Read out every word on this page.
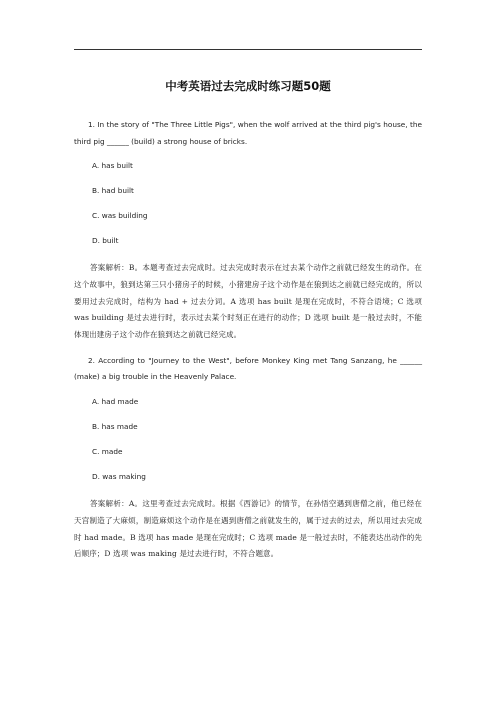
中考英语过去完成时练习题50题

1. In the story of "The Three Little Pigs", when the wolf arrived at the third pig's house, the third pig ______ (build) a strong house of bricks.

A. has built
B. had built
C. was building
D. built

答案解析：B。本题考查过去完成时。过去完成时表示在过去某个动作之前就已经发生的动作。在这个故事中，狼到达第三只小猪房子的时候，小猪建房子这个动作是在狼到达之前就已经完成的，所以要用过去完成时，结构为 had + 过去分词。A 选项 has built 是现在完成时，不符合语境；C 选项 was building 是过去进行时，表示过去某个时刻正在进行的动作；D 选项 built 是一般过去时，不能体现出建房子这个动作在狼到达之前就已经完成。

2. According to "Journey to the West", before Monkey King met Tang Sanzang, he ______ (make) a big trouble in the Heavenly Palace.

A. had made
B. has made
C. made
D. was making

答案解析：A。这里考查过去完成时。根据《西游记》的情节，在孙悟空遇到唐僧之前，他已经在天宫制造了大麻烦，制造麻烦这个动作是在遇到唐僧之前就发生的，属于过去的过去，所以用过去完成时 had made。B 选项 has made 是现在完成时；C 选项 made 是一般过去时，不能表达出动作的先后顺序；D 选项 was making 是过去进行时，不符合题意。
